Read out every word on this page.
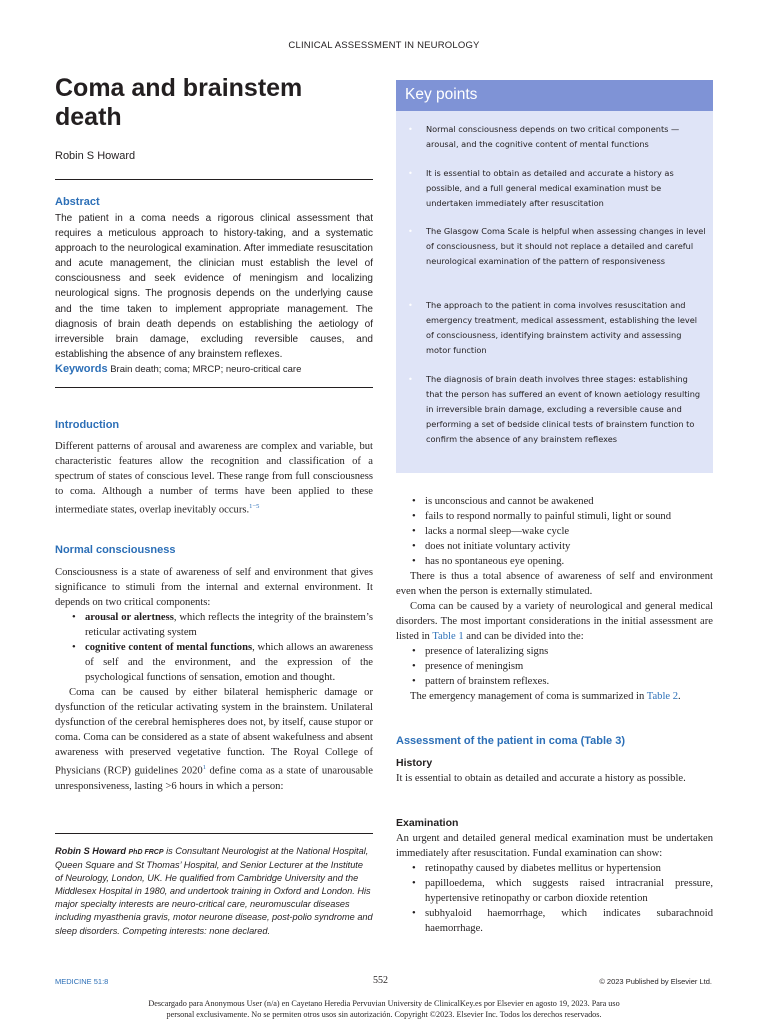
CLINICAL ASSESSMENT IN NEUROLOGY
Coma and brainstem death
Robin S Howard
Abstract
The patient in a coma needs a rigorous clinical assessment that requires a meticulous approach to history-taking, and a systematic approach to the neurological examination. After immediate resuscitation and acute management, the clinician must establish the level of consciousness and seek evidence of meningism and localizing neurological signs. The prognosis depends on the underlying cause and the time taken to implement appropriate management. The diagnosis of brain death depends on establishing the aetiology of irreversible brain damage, excluding reversible causes, and establishing the absence of any brainstem reflexes.
Keywords Brain death; coma; MRCP; neuro-critical care
Introduction
Different patterns of arousal and awareness are complex and variable, but characteristic features allow the recognition and classification of a spectrum of states of conscious level. These range from full consciousness to coma. Although a number of terms have been applied to these intermediate states, overlap inevitably occurs.$^{1-5}$
Normal consciousness
Consciousness is a state of awareness of self and environment that gives significance to stimuli from the internal and external environment. It depends on two critical components:
• arousal or alertness, which reflects the integrity of the brainstem’s reticular activating system
• cognitive content of mental functions, which allows an awareness of self and the environment, and the expression of the psychological functions of sensation, emotion and thought.
Coma can be caused by either bilateral hemispheric damage or dysfunction of the reticular activating system in the brainstem. Unilateral dysfunction of the cerebral hemispheres does not, by itself, cause stupor or coma. Coma can be considered as a state of absent wakefulness and absent awareness with preserved vegetative function. The Royal College of Physicians (RCP) guidelines 2020$^1$ define coma as a state of unarousable unresponsiveness, lasting >6 hours in which a person:
Robin S Howard PhD FRCP is Consultant Neurologist at the National Hospital, Queen Square and St Thomas’ Hospital, and Senior Lecturer at the Institute of Neurology, London, UK. He qualified from Cambridge University and the Middlesex Hospital in 1980, and undertook training in Oxford and London. His major specialty interests are neuro-critical care, neuromuscular diseases including myasthenia gravis, motor neurone disease, post-polio syndrome and sleep disorders. Competing interests: none declared.
Key points
•	Normal consciousness depends on two critical components — arousal, and the cognitive content of mental functions
•	It is essential to obtain as detailed and accurate a history as possible, and a full general medical examination must be undertaken immediately after resuscitation
•	The Glasgow Coma Scale is helpful when assessing changes in level of consciousness, but it should not replace a detailed and careful neurological examination of the pattern of responsiveness
•	The approach to the patient in coma involves resuscitation and emergency treatment, medical assessment, establishing the level of consciousness, identifying brainstem activity and assessing motor function
•	The diagnosis of brain death involves three stages: establishing that the person has suffered an event of known aetiology resulting in irreversible brain damage, excluding a reversible cause and performing a set of bedside clinical tests of brainstem function to confirm the absence of any brainstem reflexes
• is unconscious and cannot be awakened
• fails to respond normally to painful stimuli, light or sound
• lacks a normal sleep—wake cycle
• does not initiate voluntary activity
• has no spontaneous eye opening.
There is thus a total absence of awareness of self and environment even when the person is externally stimulated.
Coma can be caused by a variety of neurological and general medical disorders. The most important considerations in the initial assessment are listed in Table 1 and can be divided into the:
• presence of lateralizing signs
• presence of meningism
• pattern of brainstem reflexes.
The emergency management of coma is summarized in Table 2.
Assessment of the patient in coma (Table 3)
History
It is essential to obtain as detailed and accurate a history as possible.
Examination
An urgent and detailed general medical examination must be undertaken immediately after resuscitation. Fundal examination can show:
• retinopathy caused by diabetes mellitus or hypertension
• papilloedema, which suggests raised intracranial pressure, hypertensive retinopathy or carbon dioxide retention
• subhyaloid haemorrhage, which indicates subarachnoid haemorrhage.
MEDICINE 51:8	552	© 2023 Published by Elsevier Ltd.
Descargado para Anonymous User (n/a) en Cayetano Heredia Pervuvian University de ClinicalKey.es por Elsevier en agosto 19, 2023. Para uso
personal exclusivamente. No se permiten otros usos sin autorización. Copyright ©2023. Elsevier Inc. Todos los derechos reservados.
